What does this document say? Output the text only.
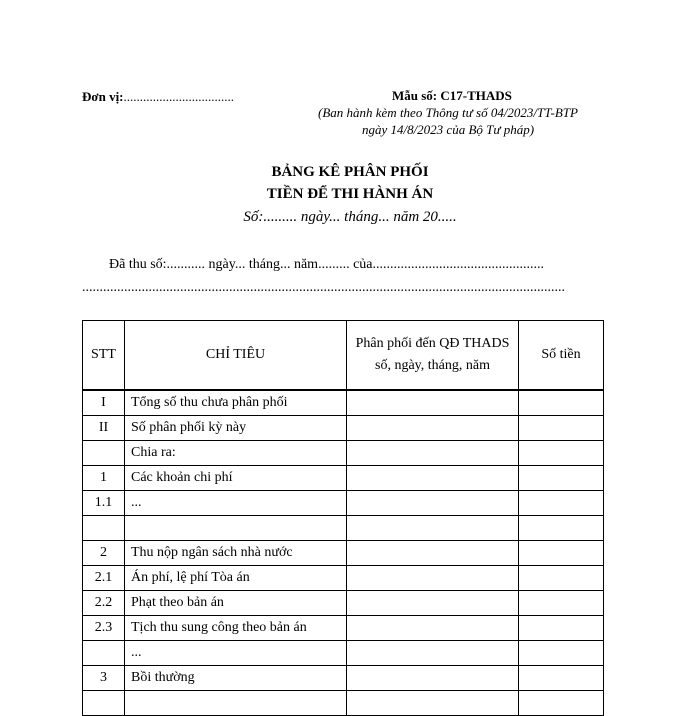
Đơn vị:..................................	Mẫu số: C17-THADS
(Ban hành kèm theo Thông tư số 04/2023/TT-BTP
ngày 14/8/2023 của Bộ Tư pháp)
BẢNG KÊ PHÂN PHỐI
TIỀN ĐỂ THI HÀNH ÁN
Số:......... ngày... tháng... năm 20.....
Đã thu số:........... ngày... tháng... năm......... của.................................................
..........................................................................................................................................
STT	CHỈ TIÊU	Phân phối đến QĐ THADS số, ngày, tháng, năm	Số tiền
I	Tổng số thu chưa phân phối		
II	Số phân phối kỳ này		
	Chia ra:		
1	Các khoản chi phí		
1.1	...		

2	Thu nộp ngân sách nhà nước		
2.1	Án phí, lệ phí Tòa án		
2.2	Phạt theo bản án		
2.3	Tịch thu sung công theo bản án		
	...		
3	Bồi thường		
